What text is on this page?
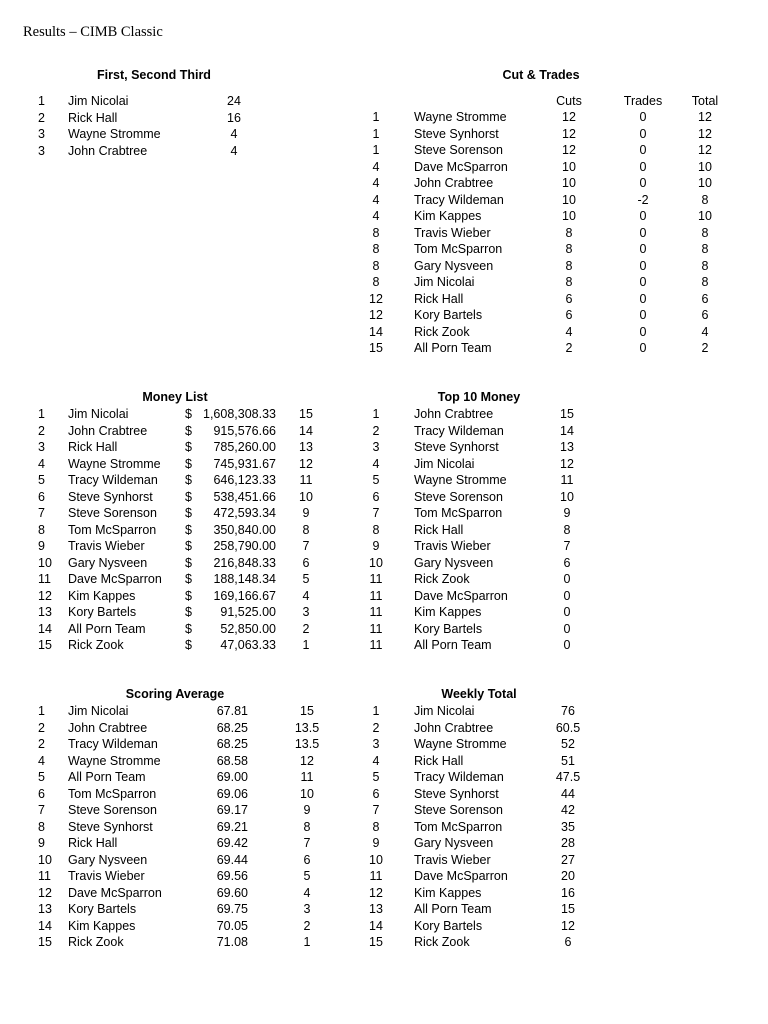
Results – CIMB Classic
First, Second Third
1 Jim Nicolai	24
2 Rick Hall	16
3 Wayne Stromme	4
3 John Crabtree	4
Cut & Trades
Cuts	Trades Total
1	Wayne Stromme	12	0	12
1	Steve Synhorst	12	0	12
1	Steve Sorenson	12	0	12
4	Dave McSparron	10	0	10
4	John Crabtree	10	0	10
4	Tracy Wildeman	10	-2	8
4	Kim Kappes	10	0	10
8	Travis Wieber	8	0	8
8	Tom McSparron	8	0	8
8	Gary Nysveen	8	0	8
8	Jim Nicolai	8	0	8
12 Rick Hall	6	0	6
12 Kory Bartels	6	0	6
14 Rick Zook	4	0	4
15 All Porn Team	2	0	2
Money List
1 Jim Nicolai	$ 1,608,308.33 15
2 John Crabtree	$ 915,576.66 14
3 Rick Hall	$ 785,260.00 13
4 Wayne Stromme $ 745,931.67 12
5 Tracy Wildeman $ 646,123.33 11
6 Steve Synhorst	$ 538,451.66 10
7 Steve Sorenson $ 472,593.34 9
8 Tom McSparron $ 350,840.00 8
9 Travis Wieber	$ 258,790.00 7
10 Gary Nysveen	$ 216,848.33 6
11 Dave McSparron $ 188,148.34 5
12 Kim Kappes	$ 169,166.67 4
13 Kory Bartels	$ 91,525.00 3
14 All Porn Team	$ 52,850.00 2
15 Rick Zook	$ 47,063.33 1
Top 10 Money
1	John Crabtree	15
2	Tracy Wildeman	14
3	Steve Synhorst	13
4	Jim Nicolai	12
5	Wayne Stromme	11
6	Steve Sorenson	10
7	Tom McSparron	9
8	Rick Hall	8
9	Travis Wieber	7
10 Gary Nysveen	6
11	Rick Zook	0
11	Dave McSparron	0
11	Kim Kappes	0
11	Kory Bartels	0
11	All Porn Team	0
Scoring Average
1 Jim Nicolai	67.81	15
2 John Crabtree	68.25	13.5
2 Tracy Wildeman	68.25	13.5
4 Wayne Stromme	68.58	12
5 All Porn Team	69.00	11
6 Tom McSparron	69.06	10
7 Steve Sorenson	69.17	9
8 Steve Synhorst	69.21	8
9 Rick Hall	69.42	7
10 Gary Nysveen	69.44	6
11 Travis Wieber	69.56	5
12 Dave McSparron	69.60	4
13 Kory Bartels	69.75	3
14 Kim Kappes	70.05	2
15 Rick Zook	71.08	1
Weekly Total
1	Jim Nicolai	76
2	John Crabtree	60.5
3	Wayne Stromme	52
4	Rick Hall	51
5	Tracy Wildeman	47.5
6	Steve Synhorst	44
7	Steve Sorenson	42
8	Tom McSparron	35
9	Gary Nysveen	28
10 Travis Wieber	27
11	Dave McSparron	20
12 Kim Kappes	16
13 All Porn Team	15
14 Kory Bartels	12
15 Rick Zook	6
